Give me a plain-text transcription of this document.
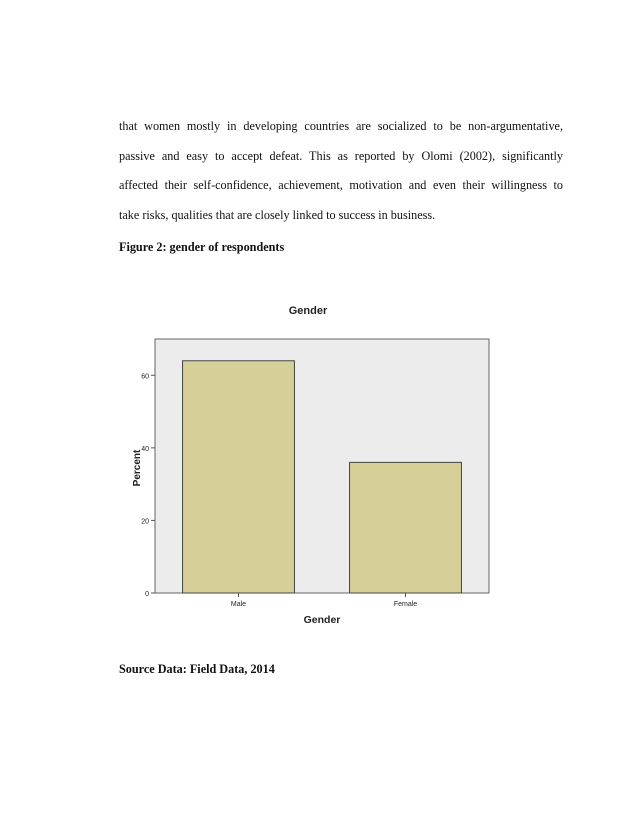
that women mostly in developing countries are socialized to be non-argumentative,
passive and easy to accept defeat. This as reported by Olomi (2002), significantly
affected their self-confidence, achievement, motivation and even their willingness to
take risks, qualities that are closely linked to success in business.

Figure 2: gender of respondents

Gender
Percent
Gender
0
20
40
60
Male	Female

Source Data: Field Data, 2014
